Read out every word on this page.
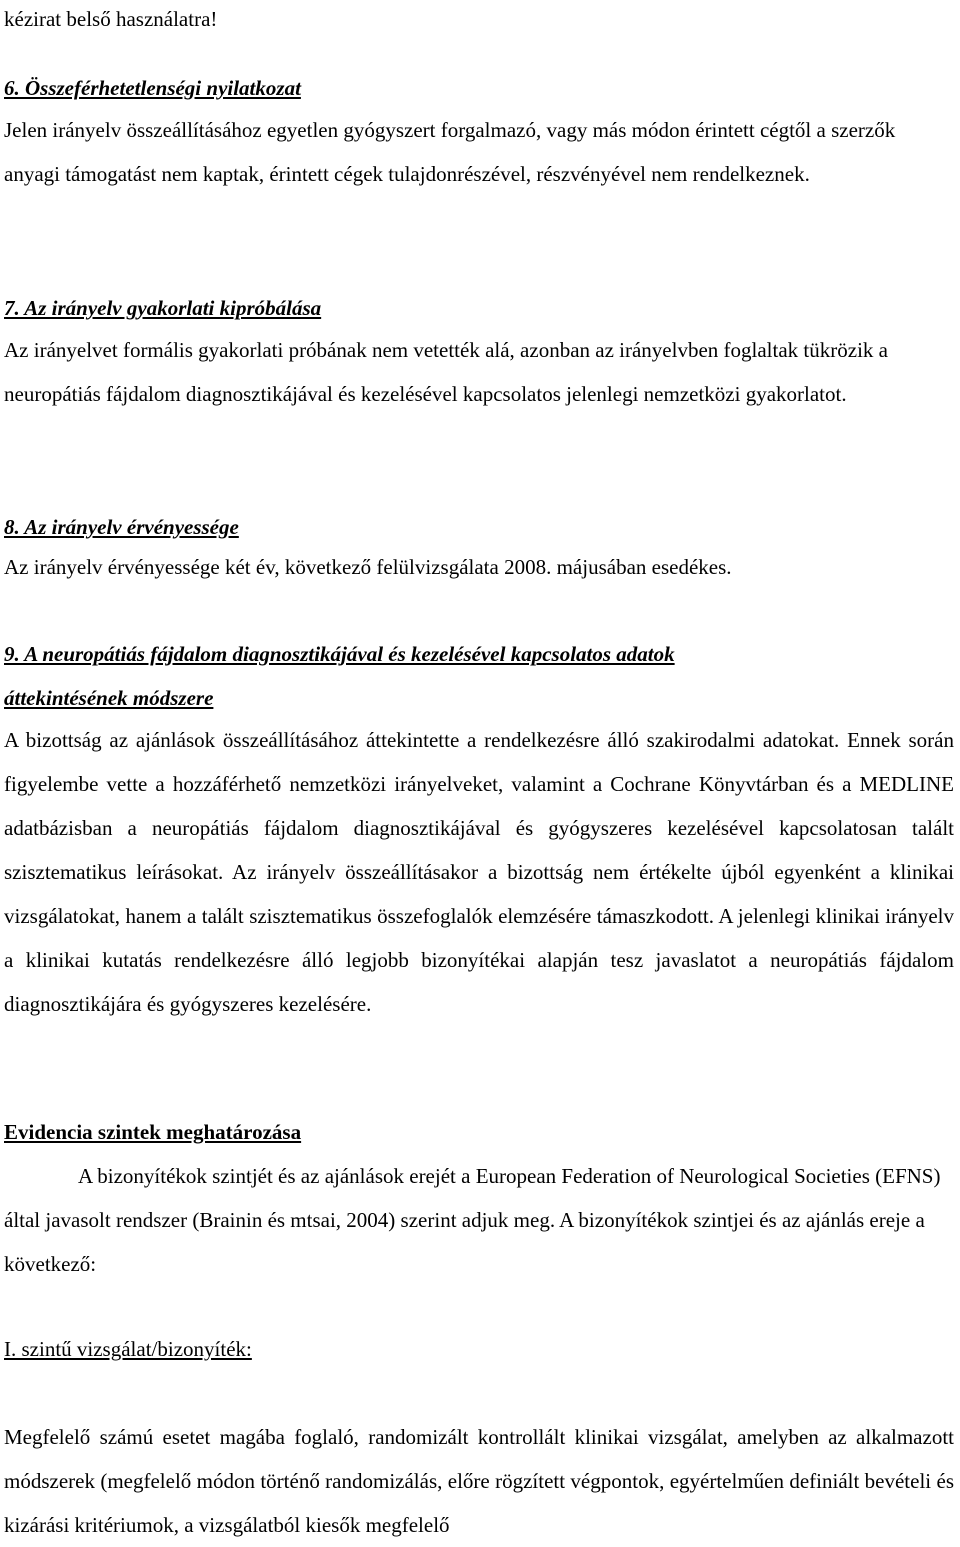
kézirat belső használatra!

6. Összeférhetetlenségi nyilatkozat

Jelen irányelv összeállításához egyetlen gyógyszert forgalmazó, vagy más módon érintett cégtől a szerzők anyagi támogatást nem kaptak, érintett cégek tulajdonrészével, részvényével nem rendelkeznek.

7. Az irányelv gyakorlati kipróbálása

Az irányelvet formális gyakorlati próbának nem vetették alá, azonban az irányelvben foglaltak tükrözik a neuropátiás fájdalom diagnosztikájával és kezelésével kapcsolatos jelenlegi nemzetközi gyakorlatot.

8. Az irányelv érvényessége

Az irányelv érvényessége két év, következő felülvizsgálata 2008. májusában esedékes.

9. A neuropátiás fájdalom diagnosztikájával és kezelésével kapcsolatos adatok

áttekintésének módszere

A bizottság az ajánlások összeállításához áttekintette a rendelkezésre álló szakirodalmi adatokat. Ennek során figyelembe vette a hozzáférhető nemzetközi irányelveket, valamint a Cochrane Könyvtárban és a MEDLINE adatbázisban a neuropátiás fájdalom diagnosztikájával és gyógyszeres kezelésével kapcsolatosan talált szisztematikus leírásokat. Az irányelv összeállításakor a bizottság nem értékelte újból egyenként a klinikai vizsgálatokat, hanem a talált szisztematikus összefoglalók elemzésére támaszkodott. A jelenlegi klinikai irányelv a klinikai kutatás rendelkezésre álló legjobb bizonyítékai alapján tesz javaslatot a neuropátiás fájdalom diagnosztikájára és gyógyszeres kezelésére.

Evidencia szintek meghatározása

A bizonyítékok szintjét és az ajánlások erejét a European Federation of Neurological Societies (EFNS) által javasolt rendszer (Brainin és mtsai, 2004) szerint adjuk meg. A bizonyítékok szintjei és az ajánlás ereje a következő:

I. szintű vizsgálat/bizonyíték:

Megfelelő számú esetet magába foglaló, randomizált kontrollált klinikai vizsgálat, amelyben az alkalmazott módszerek (megfelelő módon történő randomizálás, előre rögzített végpontok, egyértelműen definiált bevételi és kizárási kritériumok, a vizsgálatból kiesők megfelelő
